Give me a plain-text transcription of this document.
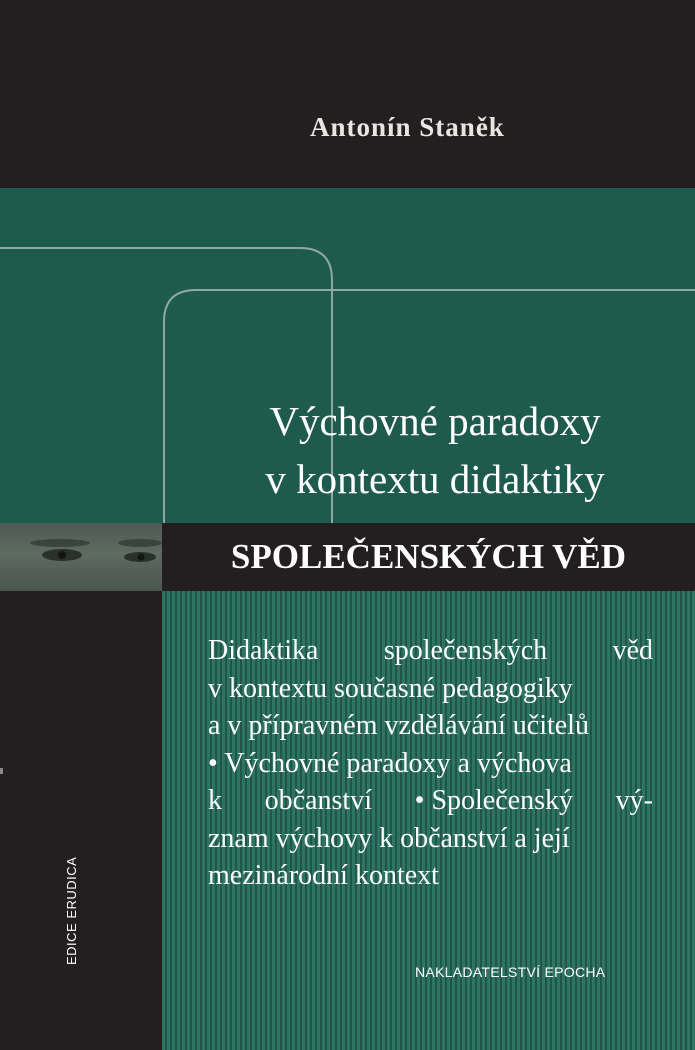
Antonín Staněk
Výchovné paradoxy
v kontextu didaktiky
SPOLEČENSKÝCH VĚD
Didaktika společenských věd
v kontextu současné pedagogiky
a v přípravném vzdělávání učitelů
• Výchovné paradoxy a výchova
k občanství • Společenský vý-
znam výchovy k občanství a její
mezinárodní kontext
NAKLADATELSTVÍ EPOCHA
